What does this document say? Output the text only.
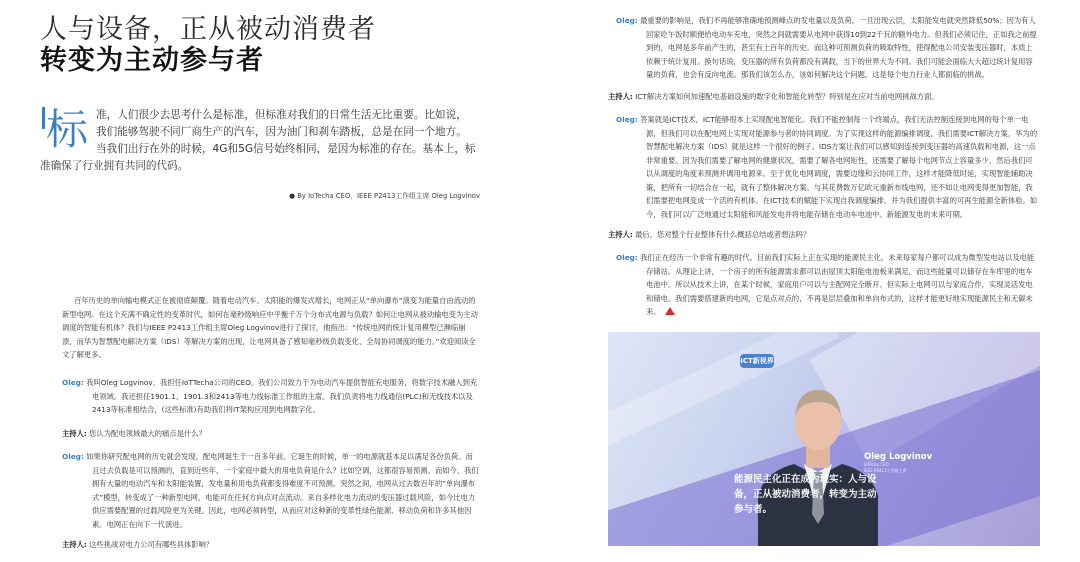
人与设备，正从被动消费者
转变为主动参与者
标 准，人们很少去思考什么是标准，但标准对我们的日常生活无比重要。比如说，我们能够驾驶不同厂商生产的汽车，因为油门和刹车踏板，总是在同一个地方。当我们出行在外的时候，4G和5G信号始终相同，是因为标准的存在。基本上，标准确保了行业拥有共同的代码。
● By IoTecha CEO，IEEE P2413工作组主席 Oleg Logvinov
百年历史的单向输电模式正在被彻底颠覆。随着电动汽车、太阳能的爆发式增长，电网正从“单向瀑布”演变为能量自由流动的新型电网。在这个充满不确定性的变革时代，如何在毫秒级响应中平衡千万个分布式电源与负载？如何让电网从被动输电变为主动调度的智能有机体？我们与IEEE P2413工作组主席Oleg Logvinov进行了探讨，他指出：“传统电网的统计复用模型已濒临崩溃，而华为智慧配电解决方案（IDS）等解决方案的出现，让电网具备了感知毫秒级负载变化、全局协同调度的能力。”欢迎阅读全文了解更多。
Oleg: 我叫Oleg Logvinov，我担任IoTTecha公司的CEO。我们公司致力于为电动汽车提供智能充电服务，将数字技术融入到充电领域。我还担任1901.1、1901.3和2413等电力线标准工作组的主席。我们负责将电力线通信(PLC)和无线技术以及2413等标准相结合，(这些标准)有助我们将IT架构应用到电网数字化。
主持人: 您认为配电领域最大的痛点是什么？
Oleg: 如果你研究配电网的历史就会发现，配电网诞生于一百多年前。它诞生的时候，单一的电源就基本足以满足各份负荷。而且过去负载是可以预测的，直到近些年，一个家庭中最大的用电负荷是什么？比如空调，这都很容易预测。而如今，我们拥有大量的电动汽车和太阳能装置，发电量和用电负荷都变得难度不可预测。突然之间，电网从过去数百年的“单向瀑布式”模型，转变成了一种新型电网，电能可在任何方向点对点流动。来自多样化电力流动的变压器过载风险，如今比电力供应需要配置的过载风险更为关键。因此，电网必须转型，从而应对这种新的变革性绿色能源、移动负荷和许多其他因素。电网正在向下一代演进。
主持人: 这些挑战对电力公司有哪些具体影响？
Oleg: 最重要的影响是，我们不再能够准确地预测峰点的发电量以及负荷。一旦出现云层，太阳能发电就突然降低50%；因为有人回家吃午饭时顺便给电动车充电，突然之间就需要从电网中获得10到22千瓦的额外电力。但我们必须记住，正如我之前提到的，电网是多年前产生的，甚至有上百年的历史。而这种可预测负荷的吸取特性，使得配电公司安装变压器时，本质上依赖于统计复用。换句话说，变压器的所有负荷都没有满载，当下的世界大为不同。我们可能会面临大大超过统计复用容量的负荷，也会有反向电流。那我们该怎么办，该如何解决这个问题，这是每个电力行业人都面临的挑战。
主持人: ICT解决方案如何加速配电基础设施的数字化和智能化转型？特别是在应对当前电网挑战方面。
Oleg: 答案就是ICT技术，ICT能够很本上实现配电智能化。我们不能控制每一个终端点，我们无法控制连接到电网的每个单一电源，但我们可以在配电网上实现对能源参与者的协同调度。为了实现这样的能源编排调度，我们需要ICT解决方案，华为的智慧配电解决方案（IDS）就是这样一个很好的例子。IDS方案让我们可以感知到连接到变压器的高速负载和电源，这一点非常重要。因为我们需要了解电网的健康状况，需要了解各电网矩性，还需要了解每个电网节点上容量多少，然后我们可以从调度的角度来预测并调用电源来。至于优化电网调度，需要边缘和云协同工作，这样才能降低时延，实现智能辅助决策，把所有一切结合在一起，就有了整体解决方案。与其花费数万亿欧元重新布线电网，还不如让电网变得更加智能，我们需要把电网变成一个活的有机体。在ICT技术的赋能下实现自我调度编排，并为我们提供丰富的可再生能源全新体验。如今，我们可以广泛地通过太阳能和风能发电并将电能存储在电动车电池中。新能源发电的未来可期。
主持人: 最后，您对整个行业整体有什么概括总结或者想法吗？
Oleg: 我们正在经历一个非常有趣的时代。目前我们实际上正在实现的能源民主化，未来每家每户都可以成为微型发电站以及电能存储站。从理论上讲，一个房子的所有能源需求都可以由屋顶太阳能电池板来满足，而这些能量可以储存在车库里的电车电池中。所以从技术上讲，在某个时候，家庭用户可以与主配网完全断开。但实际上电网可以与家庭合作，实现灵活发电和储电。我们需要搭建新的电网，它是点对点的，不再是层层叠加和单向布式的，这样才能更好地实现能源民主和无碳未来。
ICT新视界
Oleg Logvinov
IoTecha CEO
IEEE P2413工作组主席
能源民主化正在成为现实：人与设备，正从被动消费者，转变为主动参与者。
